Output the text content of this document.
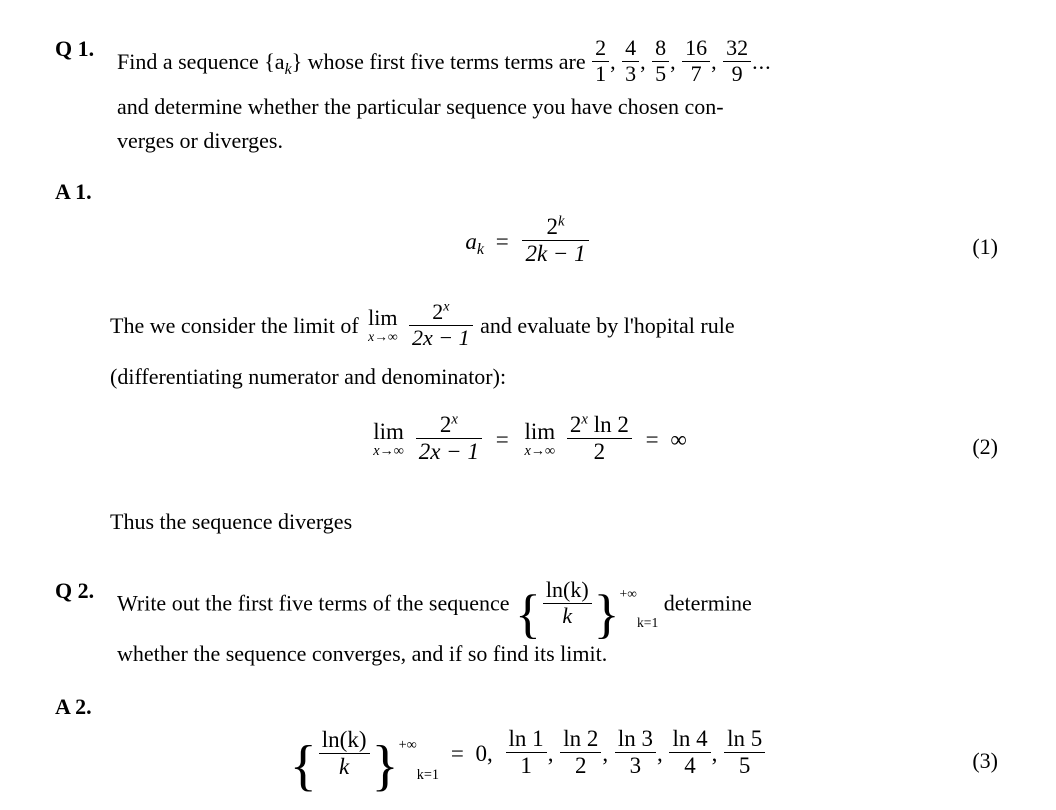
Q 1.
Find a sequence $\{a_k\}$ whose first five terms terms are $\frac{2}{1}$ , $\frac{4}{3}$ , $\frac{8}{5}$ , $\frac{16}{7}$ , $\frac{32}{9}$ ...
and determine whether the particular sequence you have chosen con-
verges or diverges.
A 1.
$a_k = \frac{2^k}{2k - 1}$	(1)
The we consider the limit of lim
x→∞
$\frac{2^x}{2x - 1}$ and evaluate by l'hopital rule
(differentiating numerator and denominator):
lim
x→∞
$\frac{2^x}{2x - 1} = \lim$
x→∞
$\frac{2^x \ln 2}{2}$ = ∞	(2)
Thus the sequence diverges
Q 2.	Write out the first five terms of the sequence { $\frac{\ln(k)}{k} \}+\infty k=1$ determine
whether the sequence converges, and if so find its limit.
A 2.
{ $\frac{\ln(k)}{k} \}+\infty k=1 = 0$, $\frac{\ln 1}{1}$ , $\frac{\ln 2}{2}$ , $\frac{\ln 3}{3}$ , $\frac{\ln 4}{4}$ , $\frac{\ln 5}{5}$	(3)
